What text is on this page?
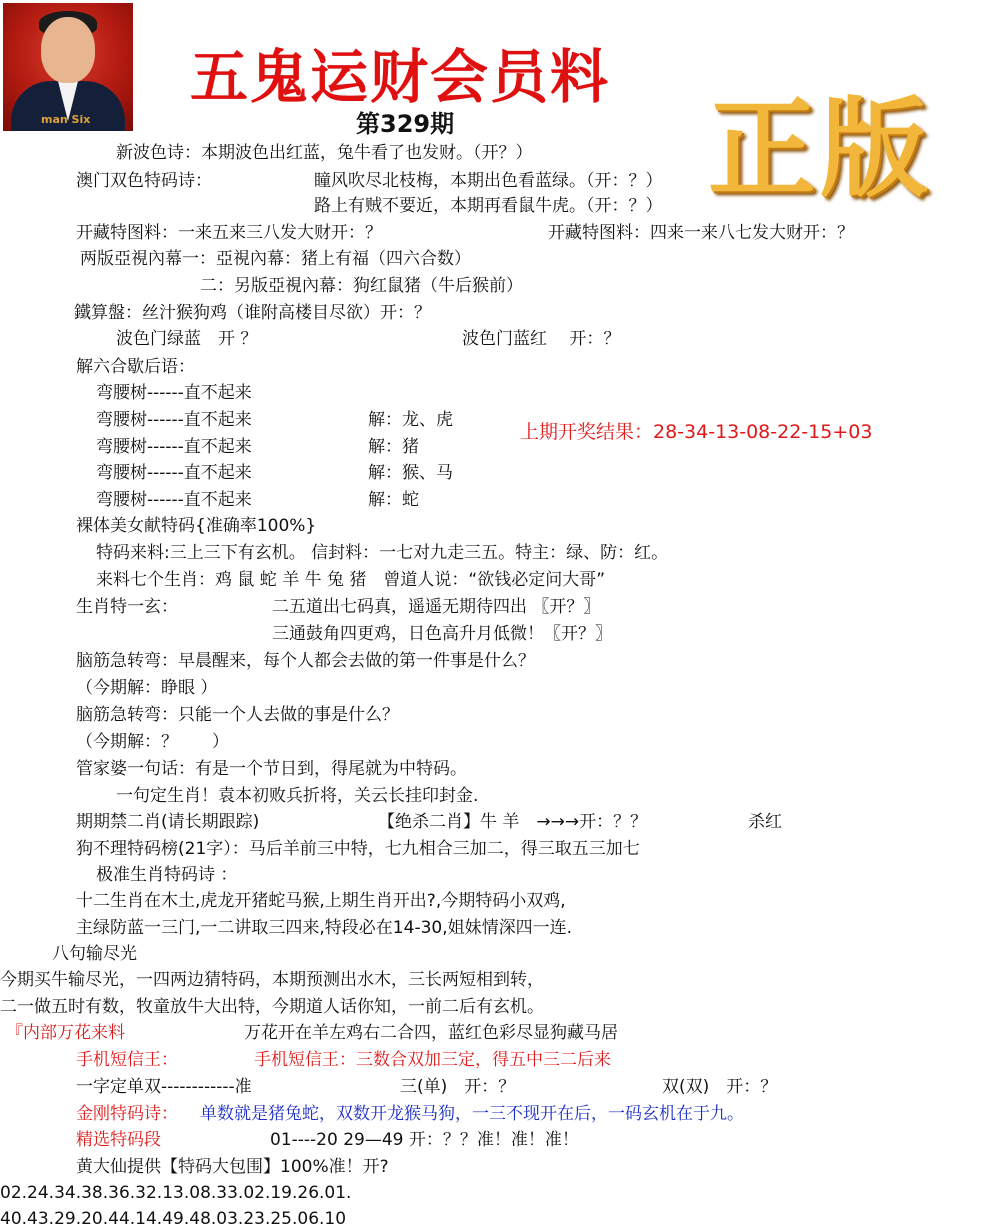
man Six
五鬼运财会员料
第329期 正版
新波色诗：本期波色出红蓝，兔牛看了也发财。（开？）
澳门双色特码诗：	瞳风吹尽北枝梅，本期出色看蓝绿。（开：？）
路上有贼不要近，本期再看鼠牛虎。（开：？）
开藏特图料：一来五来三八发大财开：？	开藏特图料：四来一来八七发大财开：？
两版亞視內幕一：亞視內幕：猪上有福（四六合数）
二：另版亞視內幕：狗红鼠猪（牛后猴前）
鐵算盤：丝汁猴狗鸡（谁附高楼目尽欲）开：？
波色门绿蓝　开 ？	波色门蓝红　 开：？
解六合歇后语：
弯腰树------直不起来
弯腰树------直不起来	解：龙、虎
弯腰树------直不起来	解：猪
弯腰树------直不起来	解：猴、马
弯腰树------直不起来	解：蛇
上期开奖结果：28-34-13-08-22-15+03
裸体美女献特码{准确率100%}
特码来料:三上三下有玄机。 信封料：一七对九走三五。特主：绿、防：红。
来料七个生肖：鸡 鼠 蛇 羊 牛 兔 猪　曾道人说：“欲钱必定问大哥”
生肖特一玄：	二五道出七码真，遥遥无期待四出 〖开？〗
三通鼓角四更鸡，日色高升月低微！〖开？〗
脑筋急转弯：早晨醒来，每个人都会去做的第一件事是什么？
（今期解：睁眼 ）
脑筋急转弯：只能一个人去做的事是什么？
（今期解：？　　）
管家婆一句话：有是一个节日到，得尾就为中特码。
一句定生肖！袁本初败兵折将，关云长挂印封金.
期期禁二肖(请长期跟踪)	【绝杀二肖】牛 羊　→→→开：？？	杀红
狗不理特码榜(21字）：马后羊前三中特，七九相合三加二，得三取五三加七
极准生肖特码诗 ：
十二生肖在木土,虎龙开猪蛇马猴,上期生肖开出?,今期特码小双鸡,
主绿防蓝一三门,一二讲取三四来,特段必在14-30,姐妹情深四一连.
八句输尽光
今期买牛输尽光，一四两边猜特码，本期预测出水木，三长两短相到转，
二一做五时有数，牧童放牛大出特，今期道人话你知，一前二后有玄机。
『内部万花来料	万花开在羊左鸡右二合四，蓝红色彩尽显狗藏马居
手机短信王：	手机短信王：三数合双加三定，得五中三二后来
一字定单双------------准	三(单)　开：？	双(双)　开：？
金刚特码诗： 单数就是猪兔蛇，双数开龙猴马狗，一三不现开在后，一码玄机在于九。
精选特码段	01----20 29—49 开：？？准！准！准！
黄大仙提供【特码大包围】100%准！开?
02.24.34.38.36.32.13.08.33.02.19.26.01.
40.43.29.20.44.14.49.48.03.23.25.06.10
